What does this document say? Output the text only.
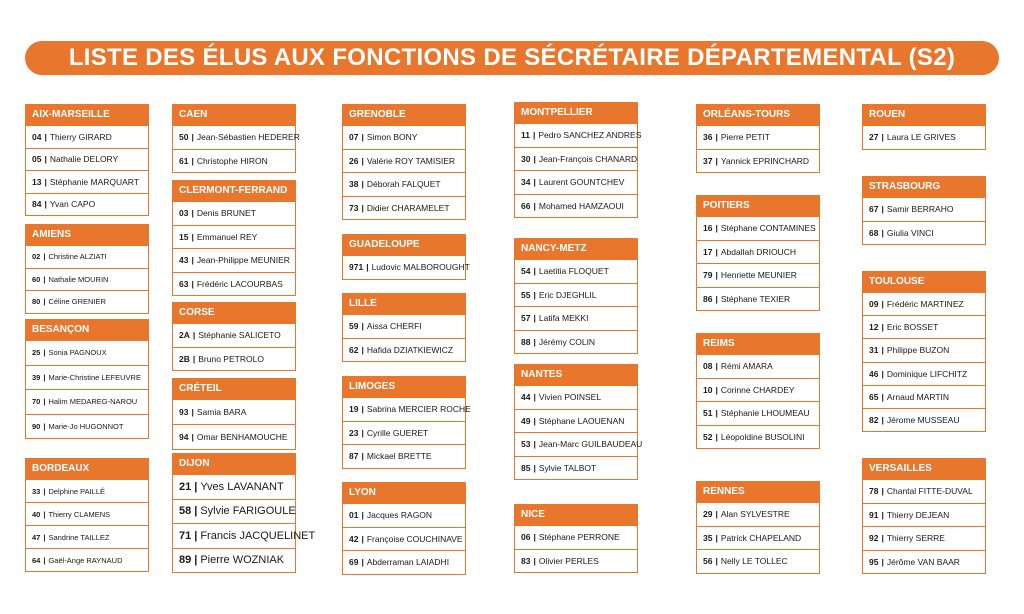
LISTE DES ÉLUS AUX FONCTIONS DE SÉCRÉTAIRE DÉPARTEMENTAL (S2)
AIX-MARSEILLE
04 | Thierry GIRARD
05 | Nathalie DELORY
13 | Stéphanie MARQUART
84 | Yvan CAPO
AMIENS
02 | Christine ALZIATI
60 | Nathalie MOURIN
80 | Céline GRENIER
BESANÇON
25 | Sonia PAGNOUX
39 | Marie-Christine LEFEUVRE
70 | Halim MEDAREG-NAROU
90 | Marie-Jo HUGONNOT
BORDEAUX
33 | Delphine PAILLÉ
40 | Thierry CLAMENS
47 | Sandrine TAILLEZ
64 | Gaël-Ange RAYNAUD
CAEN
50 | Jean-Sébastien HEDERER
61 | Christophe HIRON
CLERMONT-FERRAND
03 | Denis BRUNET
15 | Emmanuel REY
43 | Jean-Philippe MEUNIER
63 | Frédéric LACOURBAS
CORSE
2A | Stéphanie SALICETO
2B | Bruno PETROLO
CRÉTEIL
93 | Samia BARA
94 | Omar BENHAMOUCHE
DIJON
21 | Yves LAVANANT
58 | Sylvie FARIGOULE
71 | Francis JACQUELINET
89 | Pierre WOZNIAK
GRENOBLE
07 | Simon BONY
26 | Valérie ROY TAMISIER
38 | Déborah FALQUET
73 | Didier CHARAMELET
GUADELOUPE
971 | Ludovic MALBOROUGHT
LILLE
59 | Aissa CHERFI
62 | Hafida DZIATKIEWICZ
LIMOGES
19 | Sabrina MERCIER ROCHE
23 | Cyrille GUERET
87 | Mickael BRETTE
LYON
01 | Jacques RAGON
42 | Françoise COUCHINAVE
69 | Abderraman LAIADHI
MONTPELLIER
11 | Pedro SANCHEZ ANDRES
30 | Jean-François CHANARD
34 | Laurent GOUNTCHEV
66 | Mohamed HAMZAOUI
NANCY-METZ
54 | Laetitia FLOQUET
55 | Eric DJEGHLIL
57 | Latifa MEKKI
88 | Jérémy COLIN
NANTES
44 | Vivien POINSEL
49 | Stéphane LAOUENAN
53 | Jean-Marc GUILBAUDEAU
85 | Sylvie TALBOT
NICE
06 | Stéphane PERRONE
83 | Olivier PERLES
ORLÉANS-TOURS
36 | Pierre PETIT
37 | Yannick EPRINCHARD
POITIERS
16 | Stéphane CONTAMINES
17 | Abdallah DRIOUCH
79 | Henriette MEUNIER
86 | Stéphane TEXIER
REIMS
08 | Rémi AMARA
10 | Corinne CHARDEY
51 | Stéphanie LHOUMEAU
52 | Léopoldine BUSOLINI
RENNES
29 | Alan SYLVESTRE
35 | Patrick CHAPELAND
56 | Nelly LE TOLLEC
ROUEN
27 | Laura LE GRIVES
STRASBOURG
67 | Samir BERRAHO
68 | Giulia VINCI
TOULOUSE
09 | Frédéric MARTINEZ
12 | Eric BOSSET
31 | Philippe BUZON
46 | Dominique LIFCHITZ
65 | Arnaud MARTIN
82 | Jérome MUSSEAU
VERSAILLES
78 | Chantal FITTE-DUVAL
91 | Thierry DEJEAN
92 | Thierry SERRE
95 | Jérôme VAN BAAR
